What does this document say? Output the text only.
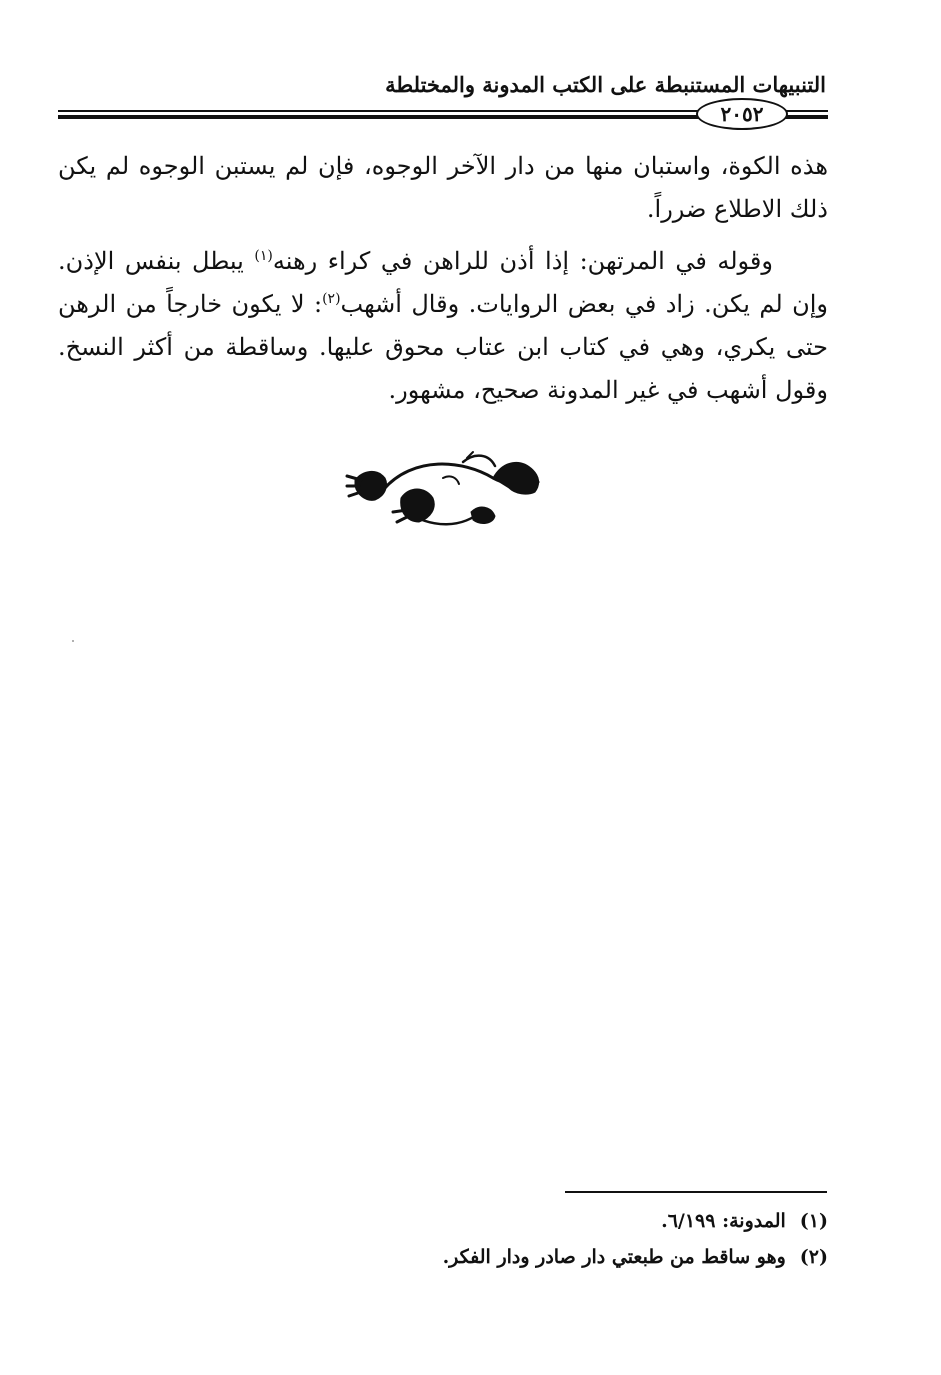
التنبيهات المستنبطة على الكتب المدونة والمختلطة
٢٠٥٢

هذه الكوة، واستبان منها من دار الآخر الوجوه، فإن لم يستبن الوجوه لم يكن ذلك الاطلاع ضرراً.

وقوله في المرتهن: إذا أذن للراهن في كراء رهنه$^{(١)}$ يبطل بنفس الإذن. وإن لم يكن. زاد في بعض الروايات. وقال أشهب$^{(٢)}$: لا يكون خارجاً من الرهن حتى يكري، وهي في كتاب ابن عتاب محوق عليها. وساقطة من أكثر النسخ. وقول أشهب في غير المدونة صحيح، مشهور.

(١)المدونة: ٦/١٩٩.

(٢)وهو ساقط من طبعتي دار صادر ودار الفكر.
